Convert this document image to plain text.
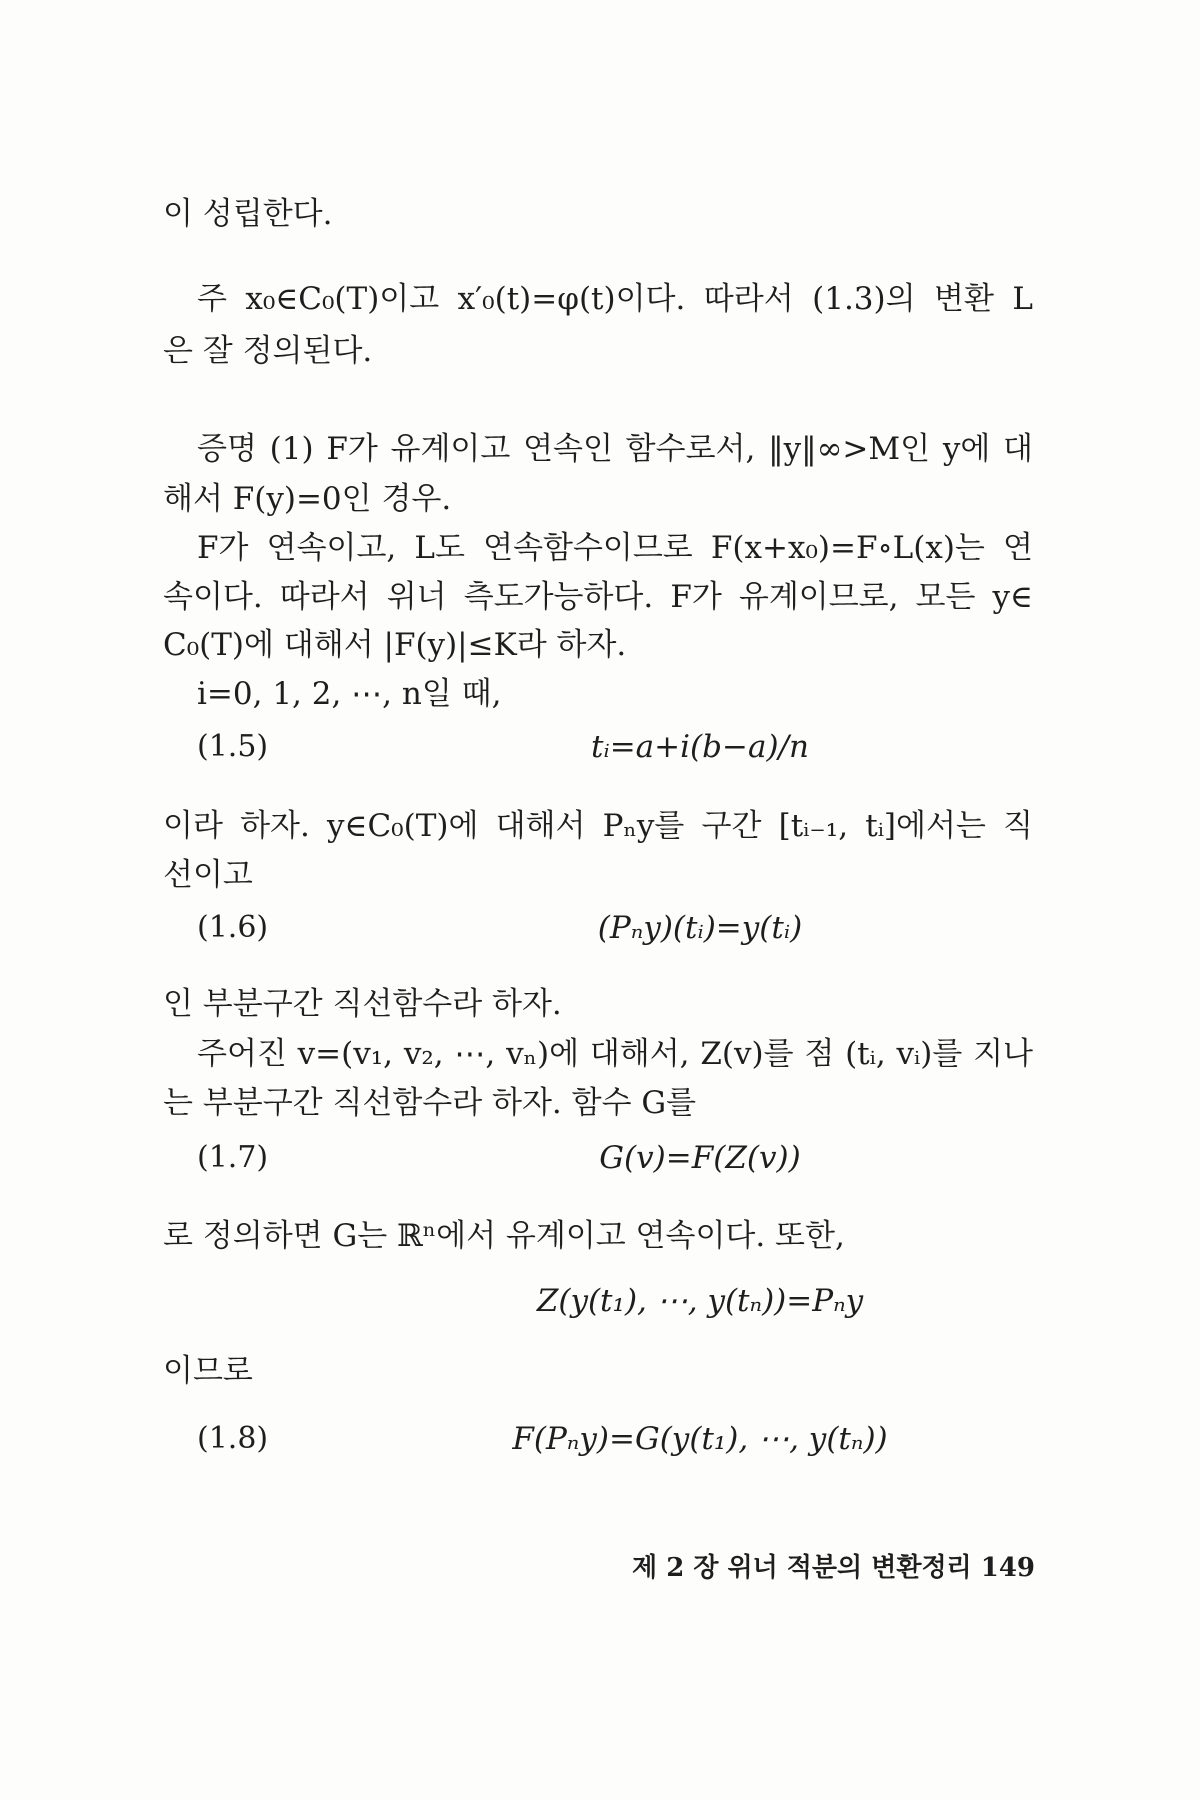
이 성립한다.
주 x₀∈C₀(T)이고 x′₀(t)=φ(t)이다. 따라서 (1.3)의 변환 L
은 잘 정의된다.
증명 (1) F가 유계이고 연속인 함수로서, ‖y‖∞>M인 y에 대
해서 F(y)=0인 경우.
F가 연속이고, L도 연속함수이므로 F(x+x₀)=F∘L(x)는 연
속이다. 따라서 위너 측도가능하다. F가 유계이므로, 모든 y∈
C₀(T)에 대해서 |F(y)|≤K라 하자.
i=0, 1, 2, ⋯, n일 때,
(1.5)	tᵢ=a+i(b−a)/n
이라 하자. y∈C₀(T)에 대해서 Pₙy를 구간 [tᵢ₋₁, tᵢ]에서는 직
선이고
(1.6)	(Pₙy)(tᵢ)=y(tᵢ)
인 부분구간 직선함수라 하자.
주어진 v=(v₁, v₂, ⋯, vₙ)에 대해서, Z(v)를 점 (tᵢ, vᵢ)를 지나
는 부분구간 직선함수라 하자. 함수 G를
(1.7)	G(v)=F(Z(v))
로 정의하면 G는 ℝⁿ에서 유계이고 연속이다. 또한,
Z(y(t₁), ⋯, y(tₙ))=Pₙy
이므로
(1.8)	F(Pₙy)=G(y(t₁), ⋯, y(tₙ))
제 2 장 위너 적분의 변환정리 149
